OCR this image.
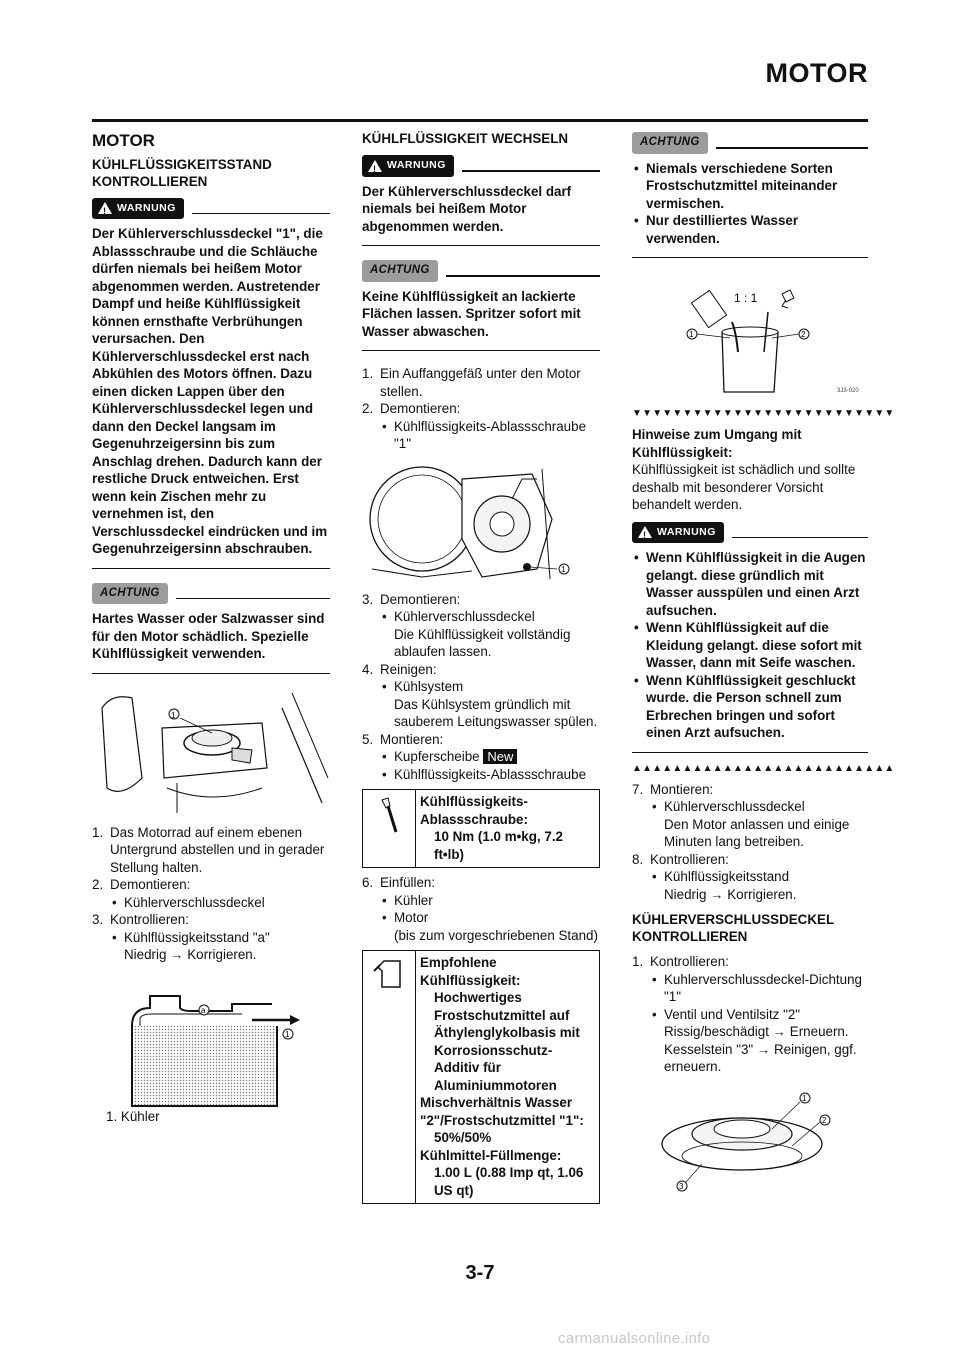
MOTOR
MOTOR
KÜHLFLÜSSIGKEITSSTAND KONTROLLIEREN
!
WARNUNG

Der Kühlerverschlussdeckel "1", die Ablassschraube und die Schläuche dürfen niemals bei heißem Motor abgenommen werden. Austretender Dampf und heiße Kühlflüssigkeit können ernsthafte Verbrühungen verursachen. Den Kühlerverschlussdeckel erst nach Abkühlen des Motors öffnen. Dazu einen dicken Lappen über den Kühlerverschlussdeckel legen und dann den Deckel langsam im Gegenuhrzeigersinn bis zum Anschlag drehen. Dadurch kann der restliche Druck entweichen. Erst wenn kein Zischen mehr zu vernehmen ist, den Verschlussdeckel eindrücken und im Gegenuhrzeigersinn abschrauben.

ACHTUNG

Hartes Wasser oder Salzwasser sind für den Motor schädlich. Spezielle Kühlflüssigkeit verwenden.

1
1. Das Motorrad auf einem ebenen Untergrund abstellen und in gerader Stellung halten.
2. Demontieren:
• Kühlerverschlussdeckel
3. Kontrollieren:
• Kühlflüssigkeitsstand "a"
Niedrig → Korrigieren.
a
1
1. Kühler
KÜHLFLÜSSIGKEIT WECHSELN
!
WARNUNG

Der Kühlerverschlussdeckel darf niemals bei heißem Motor abgenommen werden.

ACHTUNG

Keine Kühlflüssigkeit an lackierte Flächen lassen. Spritzer sofort mit Wasser abwaschen.

1. Ein Auffanggefäß unter den Motor stellen.
2. Demontieren:
• Kühlflüssigkeits-Ablassschraube "1"
1
3. Demontieren:
• Kühlerverschlussdeckel
Die Kühlflüssigkeit vollständig ablaufen lassen.
4. Reinigen:
• Kühlsystem
Das Kühlsystem gründlich mit sauberem Leitungswasser spülen.
5. Montieren:
• Kupferscheibe New
• Kühlflüssigkeits-Ablassschraube
Kühlflüssigkeits-Ablassschraube:
10 Nm (1.0 m•kg, 7.2 ft•lb)
6. Einfüllen:
• Kühler
• Motor
(bis zum vorgeschriebenen Stand)
Empfohlene Kühlflüssigkeit:
Hochwertiges Frostschutzmittel auf Äthylenglykolbasis mit Korrosionsschutz-Additiv für Aluminiummotoren
Mischverhältnis Wasser "2"/Frostschutzmittel "1":
50%/50%
Kühlmittel-Füllmenge:
1.00 L (0.88 Imp qt, 1.06 US qt)
ACHTUNG
• Niemals verschiedene Sorten Frostschutzmittel miteinander vermischen.
• Nur destilliertes Wasser verwenden.
1 : 1
1	2
3J3-020
▼▼▼▼▼▼▼▼▼▼▼▼▼▼▼▼▼▼▼▼▼▼▼▼▼▼

Hinweise zum Umgang mit Kühlflüssigkeit:

Kühlflüssigkeit ist schädlich und sollte deshalb mit besonderer Vorsicht behandelt werden.

!
WARNUNG
• Wenn Kühlflüssigkeit in die Augen gelangt. diese gründlich mit Wasser ausspülen und einen Arzt aufsuchen.
• Wenn Kühlflüssigkeit auf die Kleidung gelangt. diese sofort mit Wasser, dann mit Seife waschen.
• Wenn Kühlflüssigkeit geschluckt wurde. die Person schnell zum Erbrechen bringen und sofort einen Arzt aufsuchen.
▲▲▲▲▲▲▲▲▲▲▲▲▲▲▲▲▲▲▲▲▲▲▲▲▲▲
7. Montieren:
• Kühlerverschlussdeckel
Den Motor anlassen und einige Minuten lang betreiben.
8. Kontrollieren:
• Kühlflüssigkeitsstand
Niedrig → Korrigieren.
KÜHLERVERSCHLUSSDECKEL KONTROLLIEREN
1. Kontrollieren:
• Kuhlerverschlussdeckel-Dichtung "1"
• Ventil und Ventilsitz "2" Rissig/beschädigt → Erneuern. Kesselstein "3" → Reinigen, ggf. erneuern.
1
2
3
3-7
carmanualsonline.info
